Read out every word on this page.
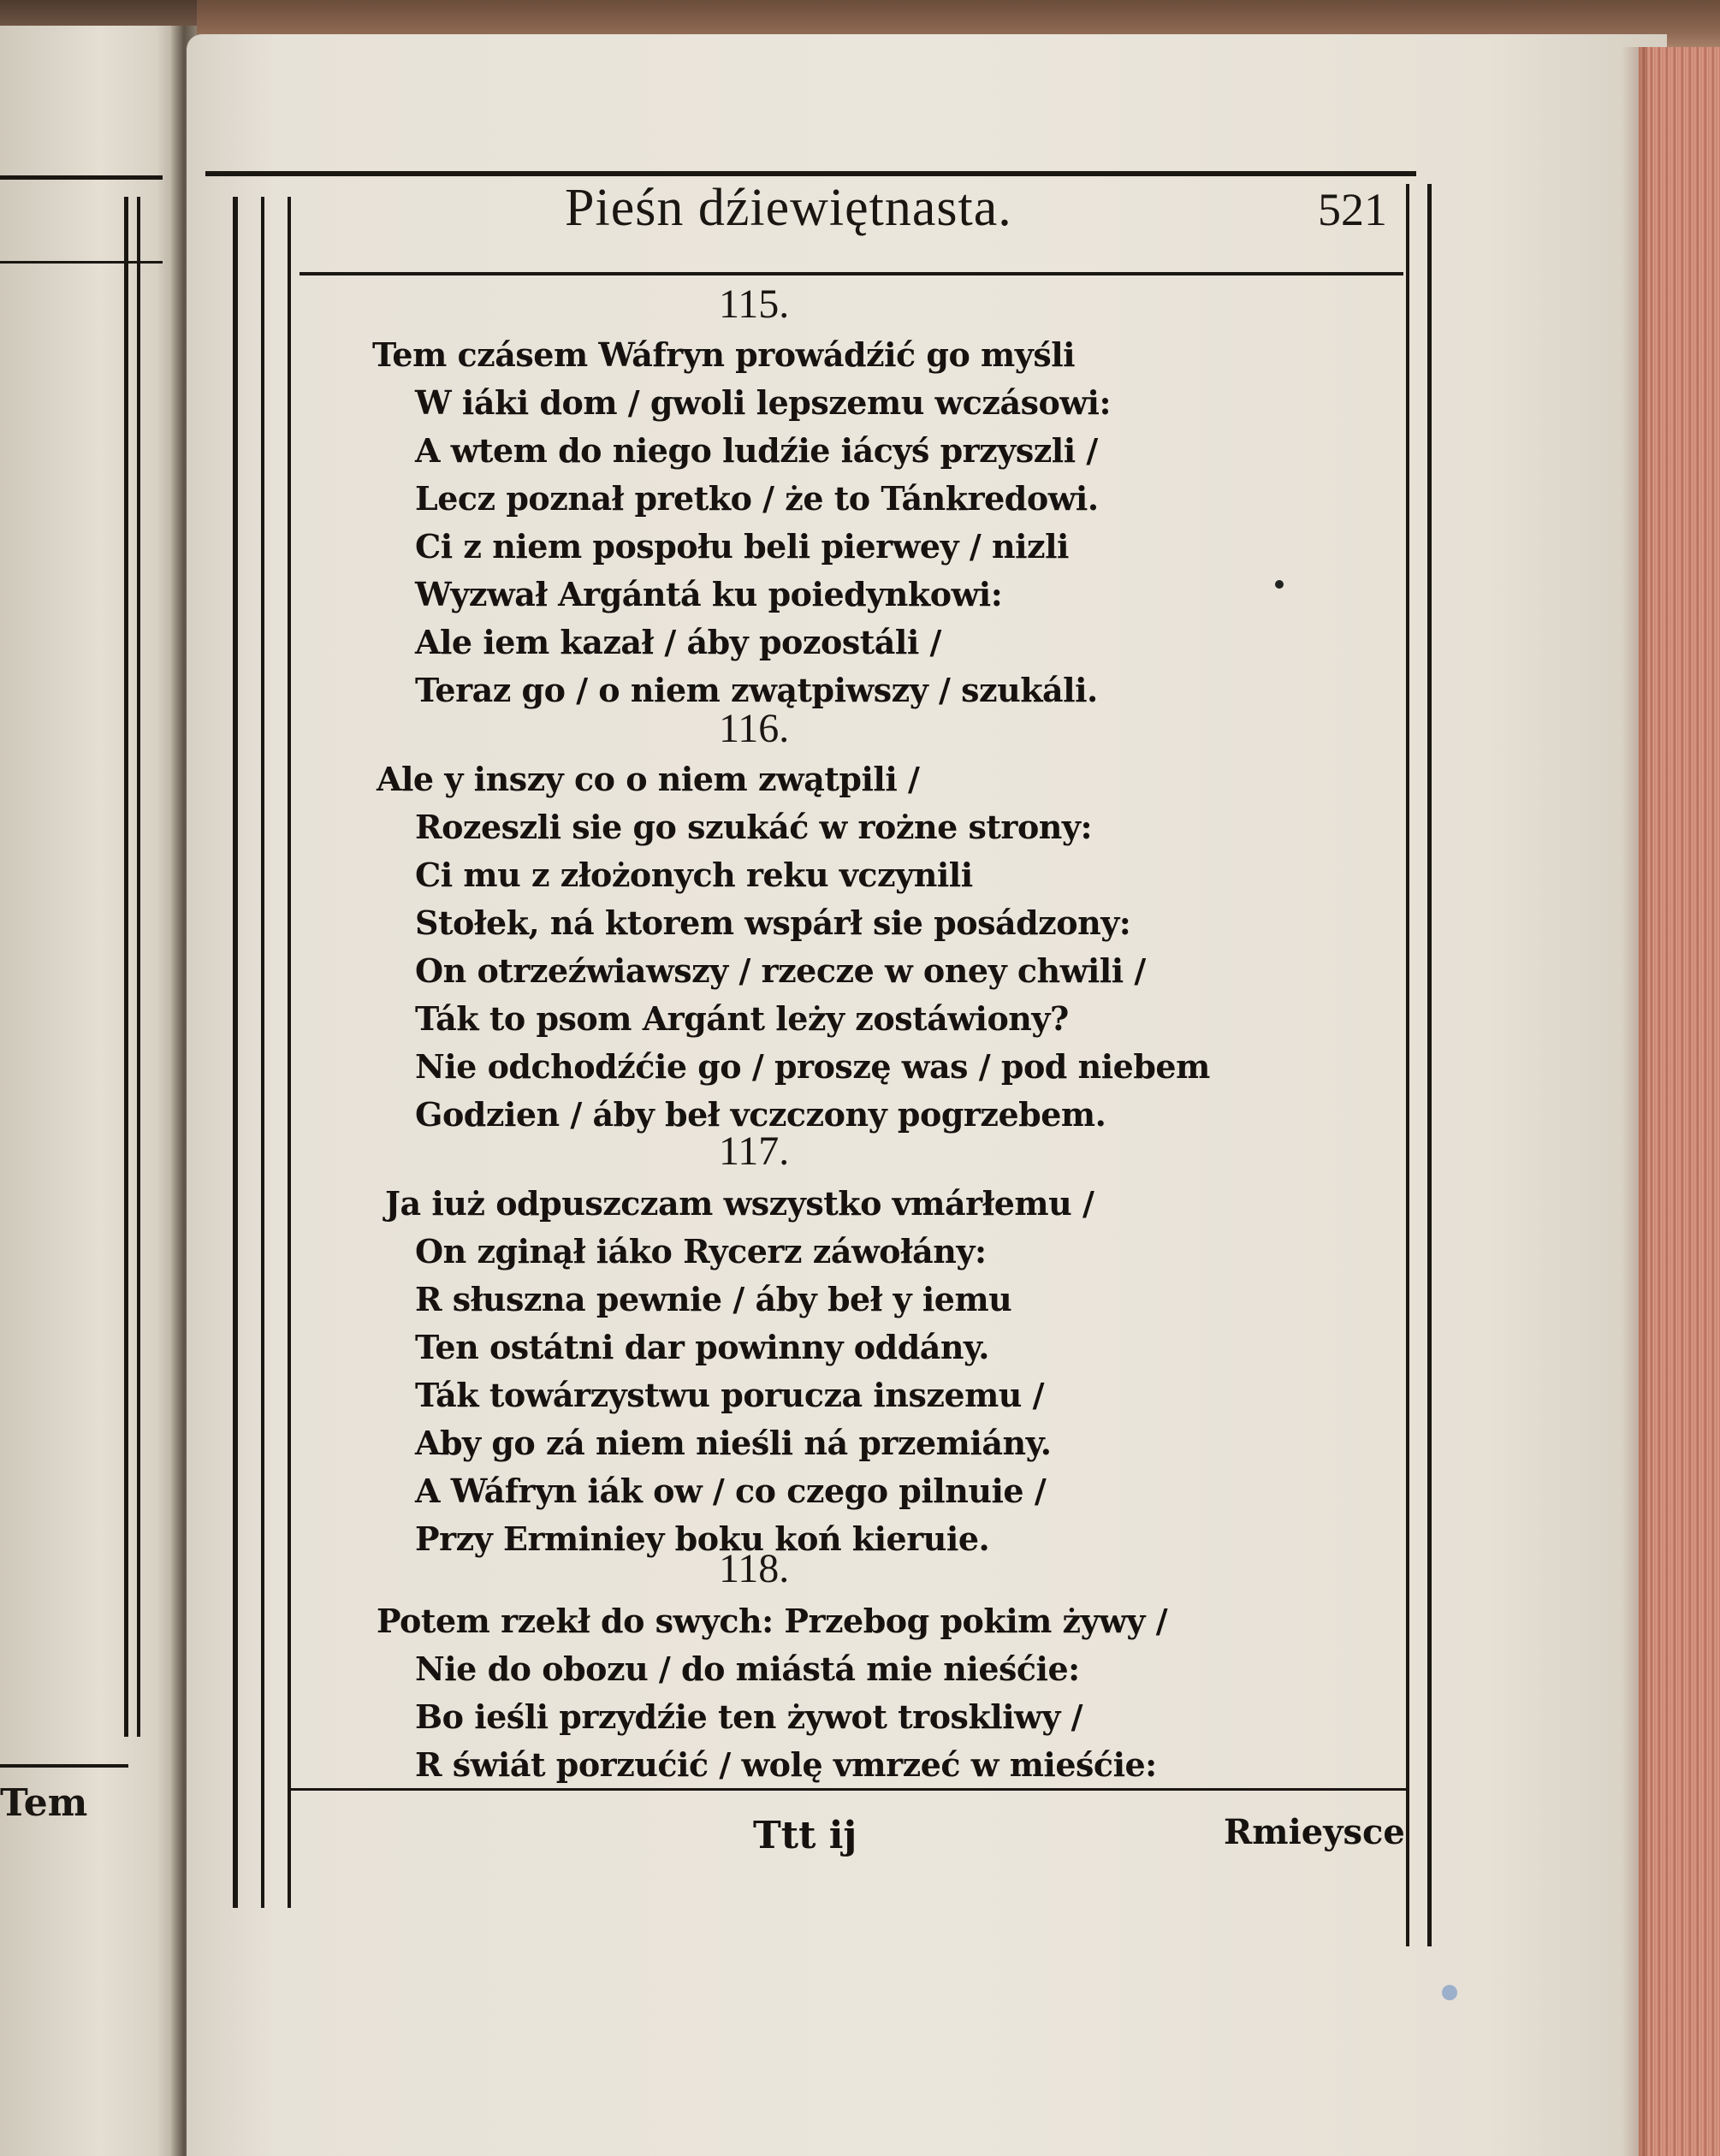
Tem
Pieśn dźiewiętnasta.	521
115.
Tem czásem Wáfryn prowádźić go myśli
W iáki dom / gwoli lepszemu wczásowi:
A wtem do niego ludźie iácyś przyszli /
Lecz poznał pretko / że to Tánkredowi.
Ci z niem pospołu beli pierwey / nizli
Wyzwał Argántá ku poiedynkowi:
Ale iem kazał / áby pozostáli /
Teraz go / o niem zwątpiwszy / szukáli.
116.
Ale y inszy co o niem zwątpili /
Rozeszli sie go szukáć w rożne strony:
Ci mu z złożonych reku vczynili
Stołek, ná ktorem wspárł sie posádzony:
On otrzeźwiawszy / rzecze w oney chwili /
Ták to psom Argánt leży zostáwiony?
Nie odchodźćie go / proszę was / pod niebem
Godzien / áby beł vczczony pogrzebem.
117.
Ja iuż odpuszczam wszystko vmárłemu /
On zginął iáko Rycerz záwołány:
R słuszna pewnie / áby beł y iemu
Ten ostátni dar powinny oddány.
Ták towárzystwu porucza inszemu /
Aby go zá niem nieśli ná przemiány.
A Wáfryn iák ow / co czego pilnuie /
Przy Erminiey boku koń kieruie.
118.
Potem rzekł do swych: Przebog pokim żywy /
Nie do obozu / do miástá mie nieśćie:
Bo ieśli przydźie ten żywot troskliwy /
R świát porzućić / wolę vmrzeć w mieśćie:
Ttt ij	Rmieysce
